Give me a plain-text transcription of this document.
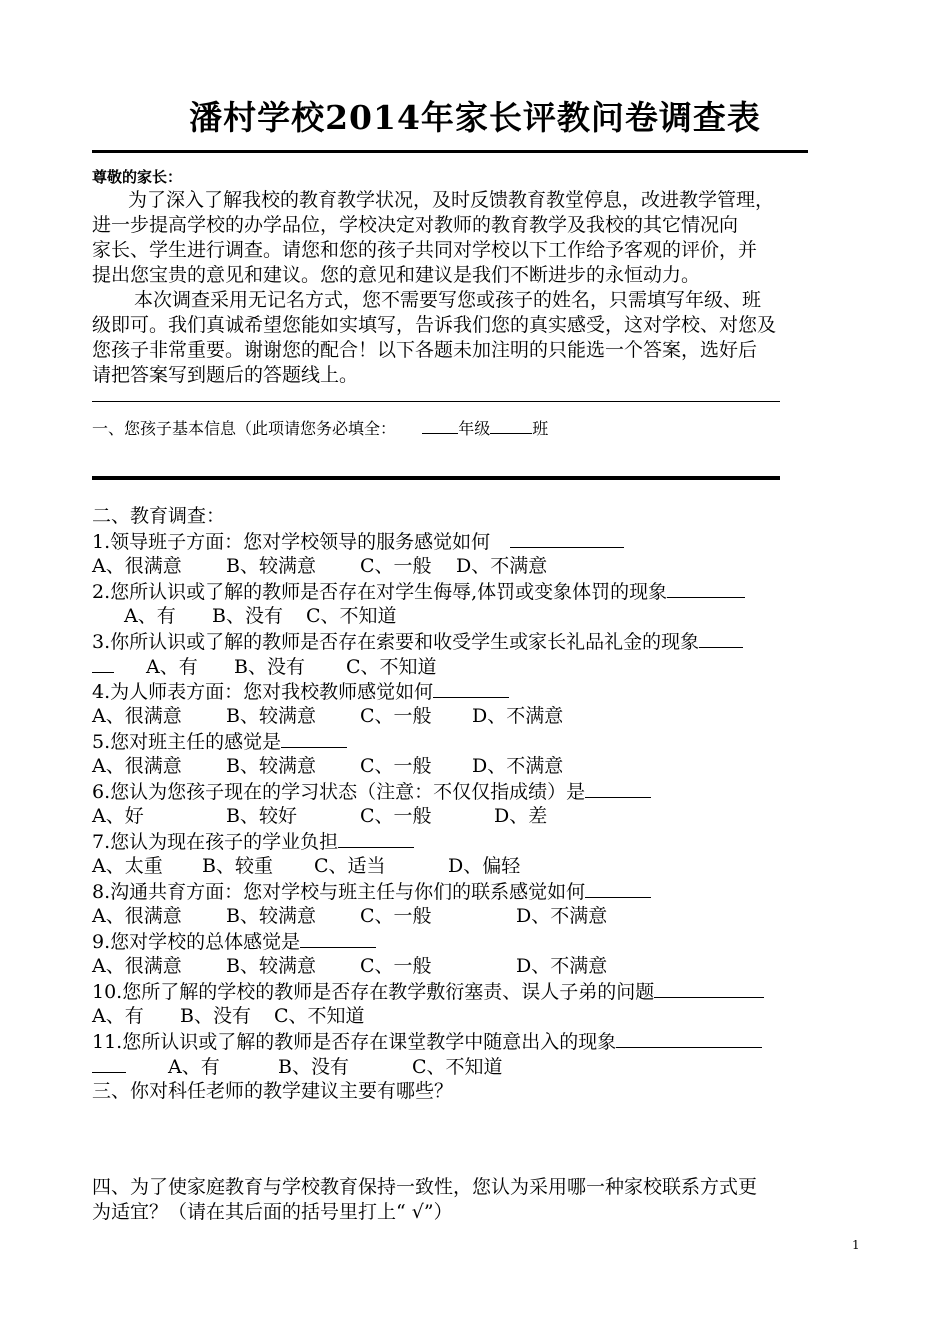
潘村学校2014年家长评教问卷调查表
尊敬的家长：
为了深入了解我校的教育教学状况，及时反馈教育教堂停息，改进教学管理，
进一步提高学校的办学品位，学校决定对教师的教育教学及我校的其它情况向
家长、学生进行调查。请您和您的孩子共同对学校以下工作给予客观的评价，并
提出您宝贵的意见和建议。您的意见和建议是我们不断进步的永恒动力。
本次调查采用无记名方式，您不需要写您或孩子的姓名，只需填写年级、班
级即可。我们真诚希望您能如实填写，告诉我们您的真实感受，这对学校、对您及
您孩子非常重要。谢谢您的配合！以下各题未加注明的只能选一个答案，选好后
请把答案写到题后的答题线上。
一、您孩子基本信息（此项请您务必填全：	年级	班
二、教育调查：
1.领导班子方面：您对学校领导的服务感觉如何
A、很满意 B、较满意 C、一般 D、不满意
2.您所认识或了解的教师是否存在对学生侮辱,体罚或变象体罚的现象
A、有 B、没有 C、不知道
3.你所认识或了解的教师是否存在索要和收受学生或家长礼品礼金的现象
A、有 B、没有 C、不知道
4.为人师表方面：您对我校教师感觉如何
A、很满意 B、较满意 C、一般 D、不满意
5.您对班主任的感觉是
A、很满意 B、较满意 C、一般 D、不满意
6.您认为您孩子现在的学习状态（注意：不仅仅指成绩）是
A、好	B、较好	C、一般	D、差
7.您认为现在孩子的学业负担
A、太重 B、较重 C、适当	D、偏轻
8.沟通共育方面：您对学校与班主任与你们的联系感觉如何
A、很满意 B、较满意 C、一般	D、不满意
9.您对学校的总体感觉是
A、很满意 B、较满意 C、一般	D、不满意
10.您所了解的学校的教师是否存在教学敷衍塞责、误人子弟的问题
A、有 B、没有 C、不知道
11.您所认识或了解的教师是否存在课堂教学中随意出入的现象
A、有	B、没有	C、不知道
三、你对科任老师的教学建议主要有哪些？
四、为了使家庭教育与学校教育保持一致性，您认为采用哪一种家校联系方式更
为适宜？（请在其后面的括号里打上“ √”）
1
